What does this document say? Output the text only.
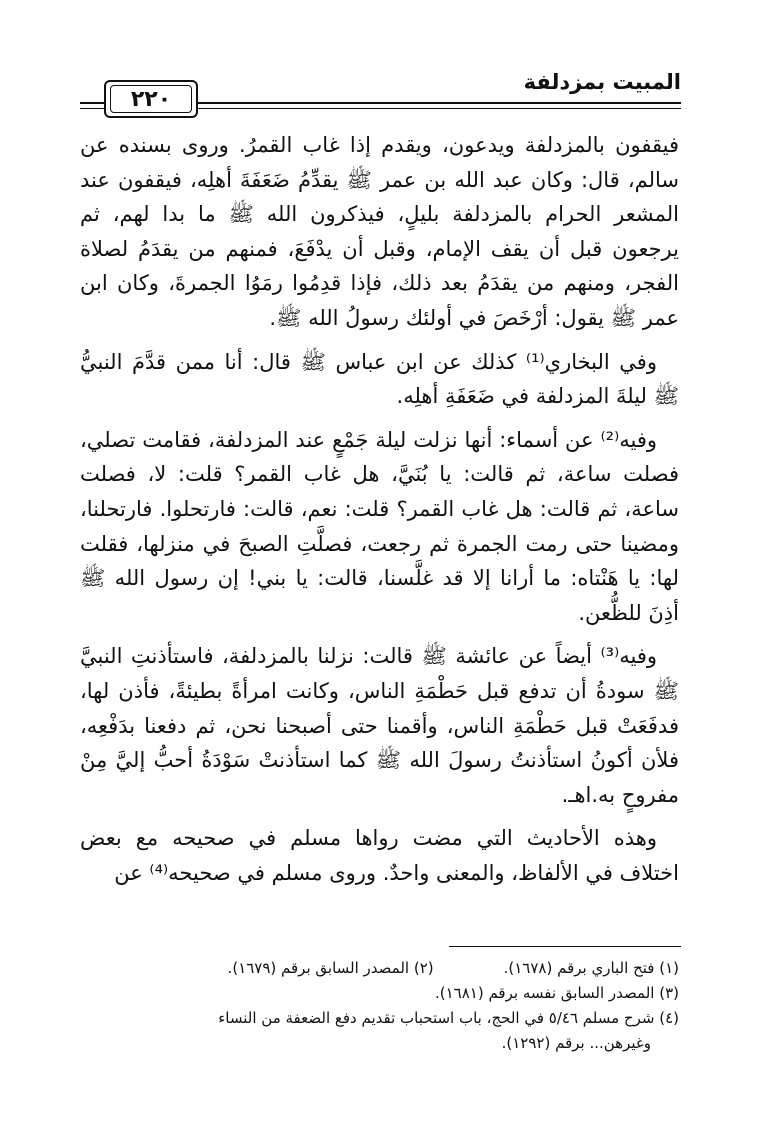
المبيت بمزدلفة
٢٢٠

فيقفون بالمزدلفة ويدعون، ويقدم إذا غاب القمرُ. وروى بسنده عن سالم، قال: وكان عبد الله بن عمر ﷺ يقدِّمُ ضَعَفَةَ أهلِه، فيقفون عند المشعر الحرام بالمزدلفة بليلٍ، فيذكرون الله ﷺ ما بدا لهم، ثم يرجعون قبل أن يقف الإمام، وقبل أن يدْفَعَ، فمنهم من يقدَمُ لصلاة الفجر، ومنهم من يقدَمُ بعد ذلك، فإذا قدِمُوا رمَوُا الجمرةَ، وكان ابن عمر ﷺ يقول: أرْخَصَ في أولئك رسولُ الله ﷺ.

وفي البخاري⁽¹⁾ كذلك عن ابن عباس ﷺ قال: أنا ممن قدَّمَ النبيُّ ﷺ ليلةَ المزدلفة في ضَعَفَةِ أهلِه.

وفيه⁽²⁾ عن أسماء: أنها نزلت ليلة جَمْعٍ عند المزدلفة، فقامت تصلي، فصلت ساعة، ثم قالت: يا بُنَيَّ، هل غاب القمر؟ قلت: لا، فصلت ساعة، ثم قالت: هل غاب القمر؟ قلت: نعم، قالت: فارتحلوا. فارتحلنا، ومضينا حتى رمت الجمرة ثم رجعت، فصلَّتِ الصبحَ في منزلها، فقلت لها: يا هَنْتاه: ما أرانا إلا قد غلَّسنا، قالت: يا بني! إن رسول الله ﷺ أذِنَ للظُّعن.

وفيه⁽³⁾ أيضاً عن عائشة ﷺ قالت: نزلنا بالمزدلفة، فاستأذنتِ النبيَّ ﷺ سودةُ أن تدفع قبل حَطْمَةِ الناس، وكانت امرأةً بطيئةً، فأذن لها، فدفَعَتْ قبل حَطْمَةِ الناس، وأقمنا حتى أصبحنا نحن، ثم دفعنا بدَفْعِه، فلأن أكونُ استأذنتُ رسولَ الله ﷺ كما استأذنتْ سَوْدَةُ أحبُّ إليَّ مِنْ مفروحٍ به.اهـ.

وهذه الأحاديث التي مضت رواها مسلم في صحيحه مع بعض اختلاف في الألفاظ، والمعنى واحدٌ. وروى مسلم في صحيحه⁽⁴⁾ عن

(١) فتح الباري برقم (١٦٧٨).
(٢) المصدر السابق برقم (١٦٧٩).
(٣) المصدر السابق نفسه برقم (١٦٨١).
(٤) شرح مسلم ٥/٤٦ في الحج، باب استحباب تقديم دفع الضعفة من النساء
وغيرهن... برقم (١٢٩٢).
